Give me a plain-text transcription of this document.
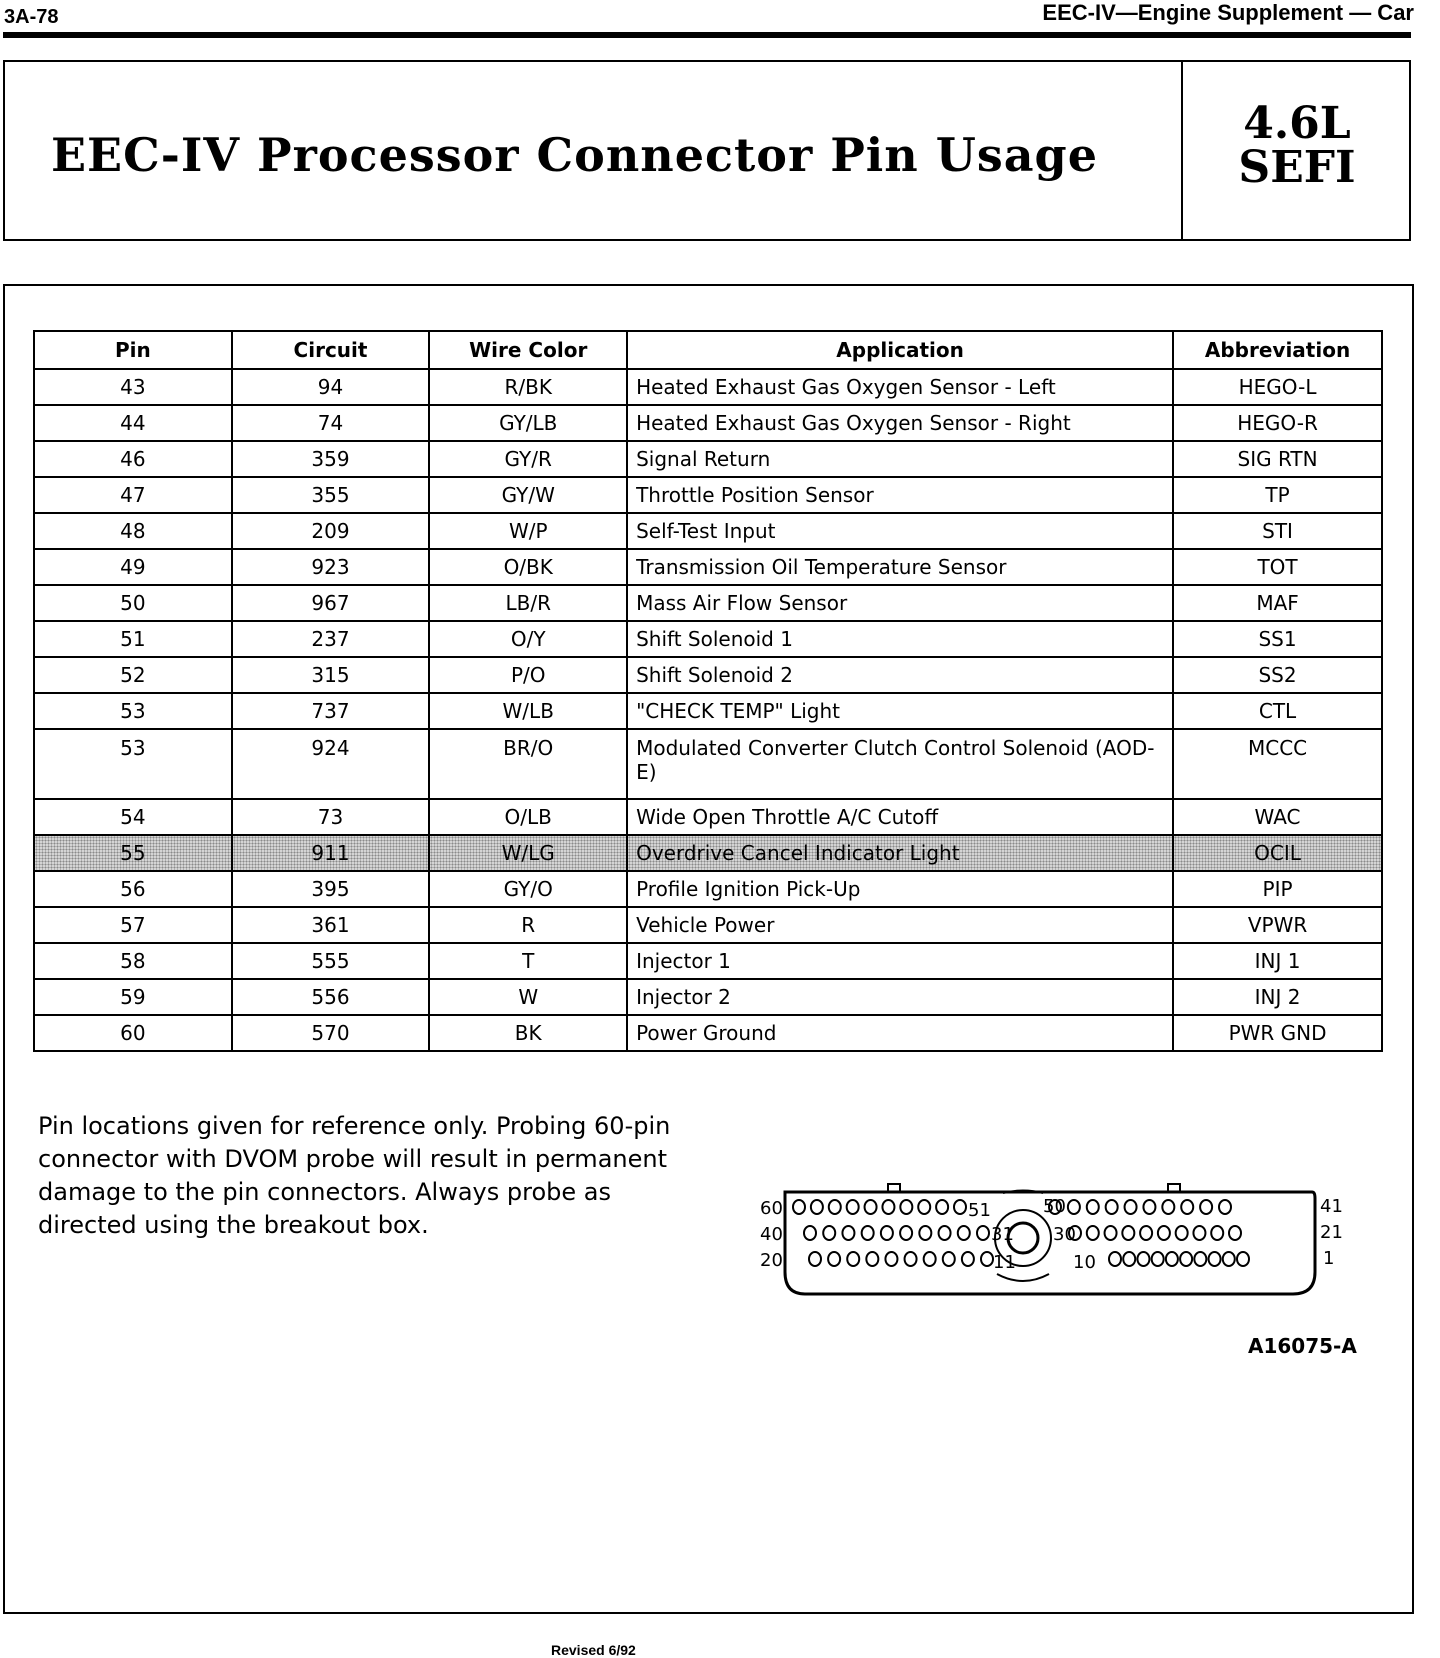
3A-78	EEC-IV—Engine Supplement — Car
EEC-IV Processor Connector Pin Usage
4.6L
SEFI
Pin	Circuit	Wire Color	Application	Abbreviation
43	94	R/BK	Heated Exhaust Gas Oxygen Sensor - Left	HEGO-L
44	74	GY/LB	Heated Exhaust Gas Oxygen Sensor - Right	HEGO-R
46	359	GY/R	Signal Return	SIG RTN
47	355	GY/W	Throttle Position Sensor	TP
48	209	W/P	Self-Test Input	STI
49	923	O/BK	Transmission Oil Temperature Sensor	TOT
50	967	LB/R	Mass Air Flow Sensor	MAF
51	237	O/Y	Shift Solenoid 1	SS1
52	315	P/O	Shift Solenoid 2	SS2
53	737	W/LB	"CHECK TEMP" Light	CTL
53	924	BR/O	Modulated Converter Clutch Control Solenoid (AOD-E)	MCCC
54	73	O/LB	Wide Open Throttle A/C Cutoff	WAC
55	911	W/LG	Overdrive Cancel Indicator Light	OCIL
56	395	GY/O	Profile Ignition Pick-Up	PIP
57	361	R	Vehicle Power	VPWR
58	555	T	Injector 1	INJ 1
59	556	W	Injector 2	INJ 2
60	570	BK	Power Ground	PWR GND
Pin locations given for reference only. Probing 60-pin connector with DVOM probe will result in permanent damage to the pin connectors. Always probe as directed using the breakout box.
60
40
20
41
21
1
51	50
31 30
11	10
A16075-A
Revised 6/92
